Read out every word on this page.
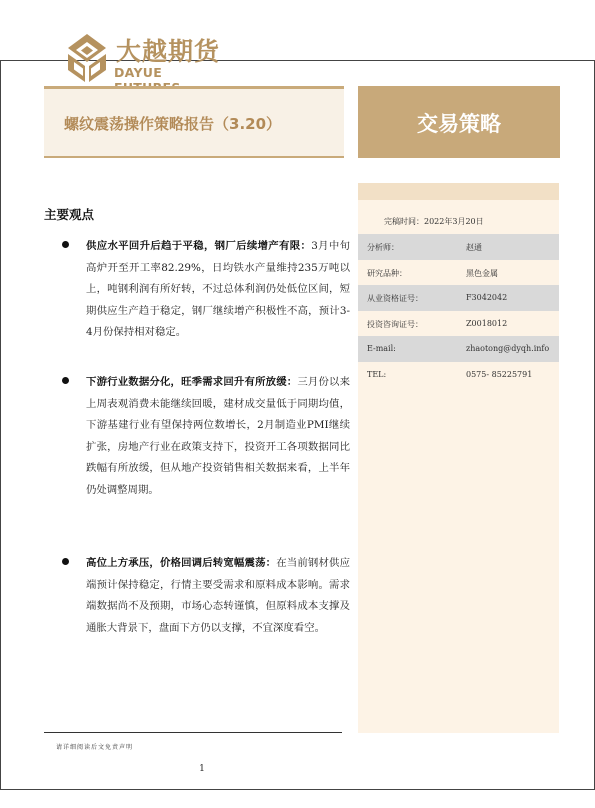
大越期货
DAYUE
螺纹震荡操作策略报告（3.20）	交易策略
完稿时间：2022年3月20日
分析师：	赵通
研究品种：	黑色金属
从业资格证号：	F3042042
投资咨询证号：	Z0018012
E-mail:	zhaotong@dyqh.info
TEL:	0575- 85225791
主要观点
供应水平回升后趋于平稳，钢厂后续增产有限：3月中旬高炉开至开工率82.29%，日均铁水产量维持235万吨以上，吨钢利润有所好转，不过总体利润仍处低位区间，短期供应生产趋于稳定，钢厂继续增产积极性不高，预计3-4月份保持相对稳定。
下游行业数据分化，旺季需求回升有所放缓：三月份以来上周表观消费未能继续回暖，建材成交量低于同期均值，下游基建行业有望保持两位数增长，2月制造业PMI继续扩张，房地产行业在政策支持下，投资开工各项数据同比跌幅有所放缓，但从地产投资销售相关数据来看，上半年仍处调整周期。
高位上方承压，价格回调后转宽幅震荡：在当前钢材供应端预计保持稳定，行情主要受需求和原料成本影响。需求端数据尚不及预期，市场心态转谨慎，但原料成本支撑及通胀大背景下，盘面下方仍以支撑，不宜深度看空。
请详细阅读后文免责声明
1
